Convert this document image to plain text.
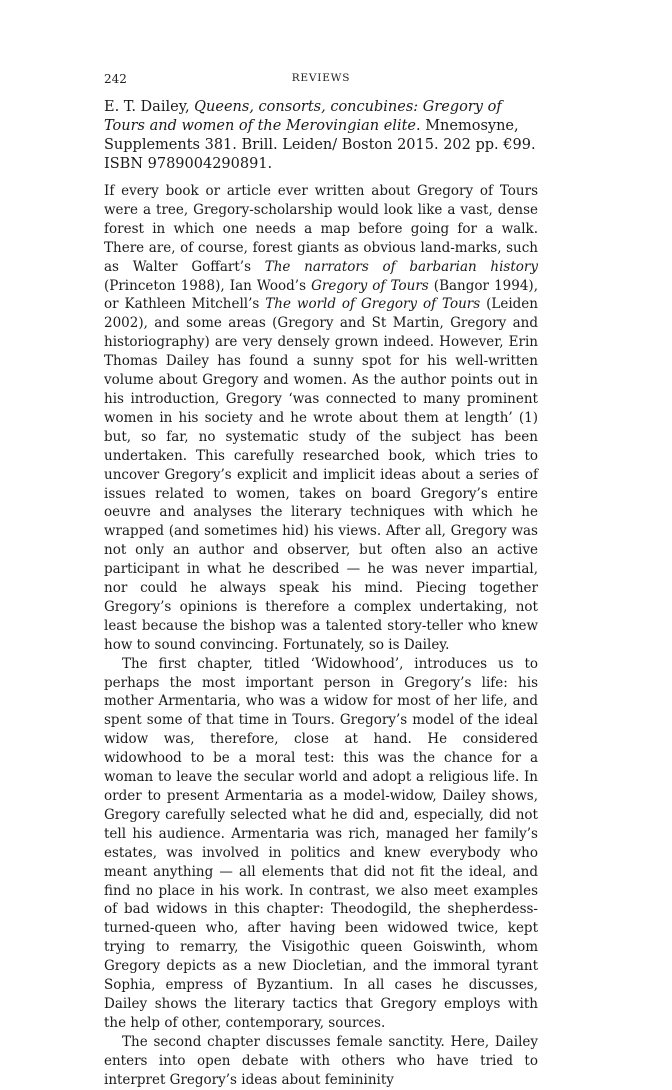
242	REVIEWS

E. T. Dailey, Queens, consorts, concubines: Gregory of Tours and women of the Merovingian elite. Mnemosyne, Supplements 381. Brill. Leiden/ Boston 2015. 202 pp. €99. ISBN 9789004290891.

If every book or article ever written about Gregory of Tours were a tree, Gregory-scholarship would look like a vast, dense forest in which one needs a map before going for a walk. There are, of course, forest giants as obvious land-marks, such as Walter Goffart’s The narrators of barbarian history (Princeton 1988), Ian Wood’s Gregory of Tours (Bangor 1994), or Kathleen Mitchell’s The world of Gregory of Tours (Leiden 2002), and some areas (Gregory and St Martin, Gregory and historiography) are very densely grown indeed. However, Erin Thomas Dailey has found a sunny spot for his well-written volume about Gregory and women. As the author points out in his introduction, Gregory ‘was connected to many prominent women in his society and he wrote about them at length’ (1) but, so far, no systematic study of the subject has been undertaken. This carefully researched book, which tries to uncover Gregory’s explicit and implicit ideas about a series of issues related to women, takes on board Gregory’s entire oeuvre and analyses the literary techniques with which he wrapped (and sometimes hid) his views. After all, Gregory was not only an author and observer, but often also an active participant in what he described — he was never impartial, nor could he always speak his mind. Piecing together Gregory’s opinions is therefore a complex undertaking, not least because the bishop was a talented story-teller who knew how to sound convincing. Fortunately, so is Dailey.

The first chapter, titled ‘Widowhood’, introduces us to perhaps the most important person in Gregory’s life: his mother Armentaria, who was a widow for most of her life, and spent some of that time in Tours. Gregory’s model of the ideal widow was, therefore, close at hand. He considered widowhood to be a moral test: this was the chance for a woman to leave the secular world and adopt a religious life. In order to present Armentaria as a model-widow, Dailey shows, Gregory carefully selected what he did and, especially, did not tell his audience. Armentaria was rich, managed her family’s estates, was involved in politics and knew everybody who meant anything — all elements that did not fit the ideal, and find no place in his work. In contrast, we also meet examples of bad widows in this chapter: Theodogild, the shepherdess-turned-queen who, after having been widowed twice, kept trying to remarry, the Visigothic queen Goiswinth, whom Gregory depicts as a new Diocletian, and the immoral tyrant Sophia, empress of Byzantium. In all cases he discusses, Dailey shows the literary tactics that Gregory employs with the help of other, contemporary, sources.

The second chapter discusses female sanctity. Here, Dailey enters into open debate with others who have tried to interpret Gregory’s ideas about femininity
